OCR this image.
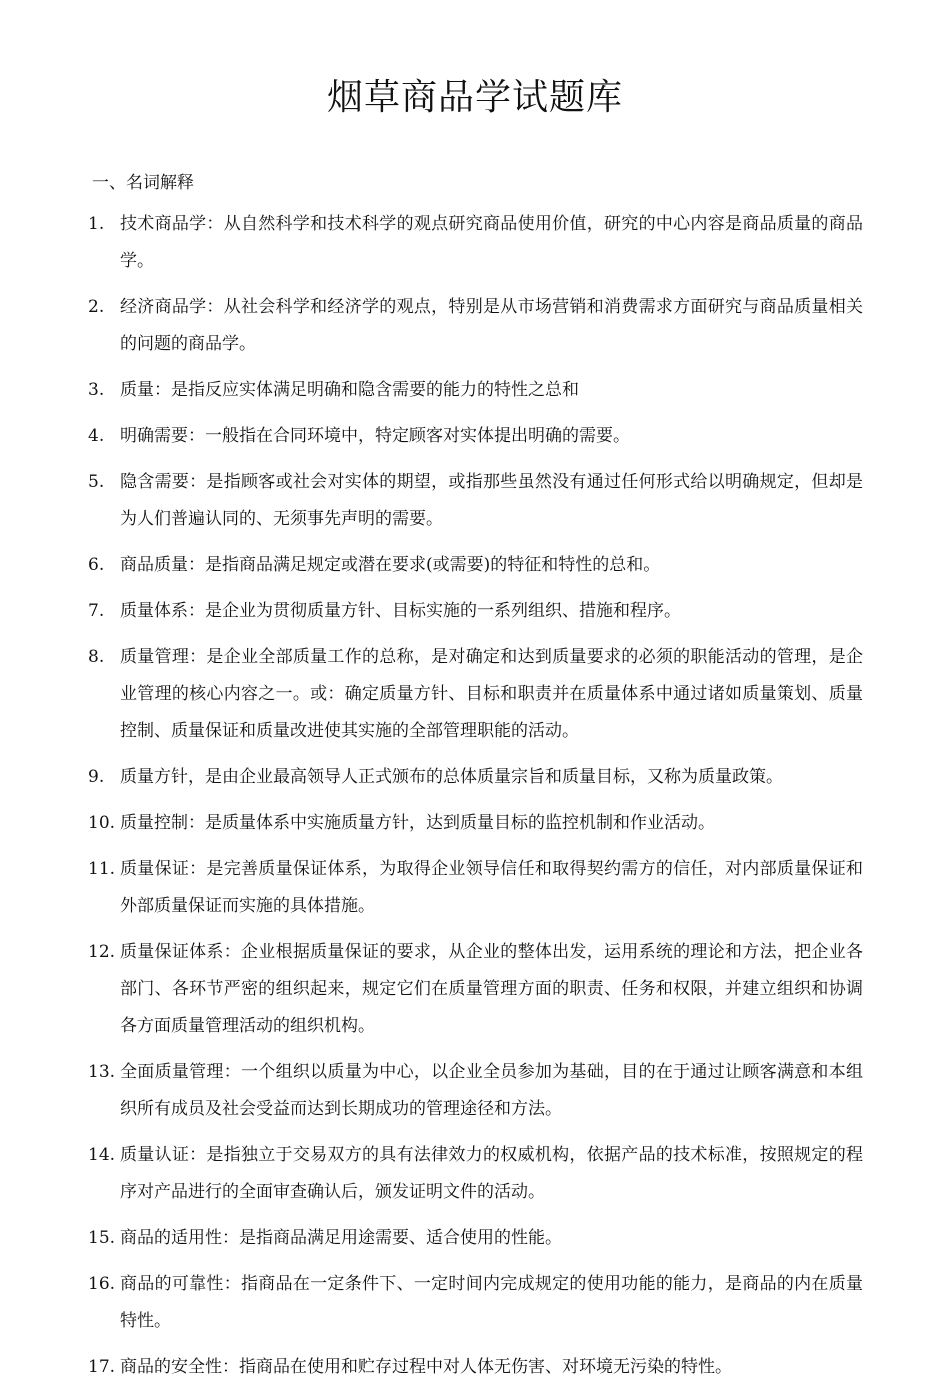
烟草商品学试题库
一、名词解释
1. 技术商品学：从自然科学和技术科学的观点研究商品使用价值，研究的中心内容是商品质量的商品学。
2. 经济商品学：从社会科学和经济学的观点，特别是从市场营销和消费需求方面研究与商品质量相关的问题的商品学。
3. 质量：是指反应实体满足明确和隐含需要的能力的特性之总和
4. 明确需要：一般指在合同环境中，特定顾客对实体提出明确的需要。
5. 隐含需要：是指顾客或社会对实体的期望，或指那些虽然没有通过任何形式给以明确规定，但却是为人们普遍认同的、无须事先声明的需要。
6. 商品质量：是指商品满足规定或潜在要求(或需要)的特征和特性的总和。
7. 质量体系：是企业为贯彻质量方针、目标实施的一系列组织、措施和程序。
8. 质量管理：是企业全部质量工作的总称，是对确定和达到质量要求的必须的职能活动的管理，是企业管理的核心内容之一。或：确定质量方针、目标和职责并在质量体系中通过诸如质量策划、质量控制、质量保证和质量改进使其实施的全部管理职能的活动。
9. 质量方针，是由企业最高领导人正式颁布的总体质量宗旨和质量目标，又称为质量政策。
10. 质量控制：是质量体系中实施质量方针，达到质量目标的监控机制和作业活动。
11. 质量保证：是完善质量保证体系，为取得企业领导信任和取得契约需方的信任，对内部质量保证和外部质量保证而实施的具体措施。
12. 质量保证体系：企业根据质量保证的要求，从企业的整体出发，运用系统的理论和方法，把企业各部门、各环节严密的组织起来，规定它们在质量管理方面的职责、任务和权限，并建立组织和协调各方面质量管理活动的组织机构。
13. 全面质量管理：一个组织以质量为中心，以企业全员参加为基础，目的在于通过让顾客满意和本组织所有成员及社会受益而达到长期成功的管理途径和方法。
14. 质量认证：是指独立于交易双方的具有法律效力的权威机构，依据产品的技术标准，按照规定的程序对产品进行的全面审查确认后，颁发证明文件的活动。
15. 商品的适用性：是指商品满足用途需要、适合使用的性能。
16. 商品的可靠性：指商品在一定条件下、一定时间内完成规定的使用功能的能力，是商品的内在质量特性。
17. 商品的安全性：指商品在使用和贮存过程中对人体无伤害、对环境无污染的特性。
